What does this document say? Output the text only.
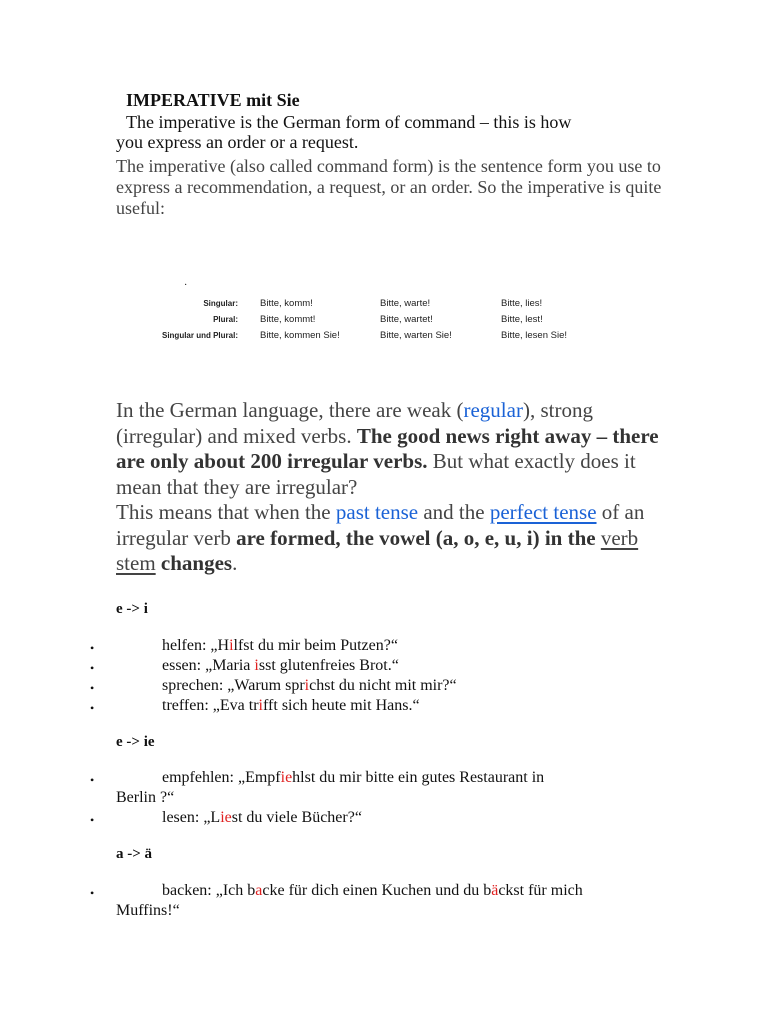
IMPERATIVE mit Sie
The imperative is the German form of command – this is how
you express an order or a request.
The imperative (also called command form) is the sentence form you use to express a recommendation, a request, or an order. So the imperative is quite useful:
·
Singular:	Bitte, komm!	Bitte, warte!	Bitte, lies!
Plural:	Bitte, kommt!	Bitte, wartet!	Bitte, lest!
Singular und Plural:	Bitte, kommen Sie!	Bitte, warten Sie!	Bitte, lesen Sie!
In the German language, there are weak (regular), strong (irregular) and mixed verbs. The good news right away – there are only about 200 irregular verbs. But what exactly does it mean that they are irregular?
This means that when the past tense and the perfect tense of an irregular verb are formed, the vowel (a, o, e, u, i) in the verb stem changes.
e -> i
• helfen: „Hilfst du mir beim Putzen?“
• essen: „Maria isst glutenfreies Brot.“
• sprechen: „Warum sprichst du nicht mit mir?“
• treffen: „Eva trifft sich heute mit Hans.“
e -> ie
• empfehlen: „Empfiehlst du mir bitte ein gutes Restaurant in
Berlin ?“
• lesen: „Liest du viele Bücher?“
a -> ä
• backen: „Ich backe für dich einen Kuchen und du bäckst für mich
Muffins!“
